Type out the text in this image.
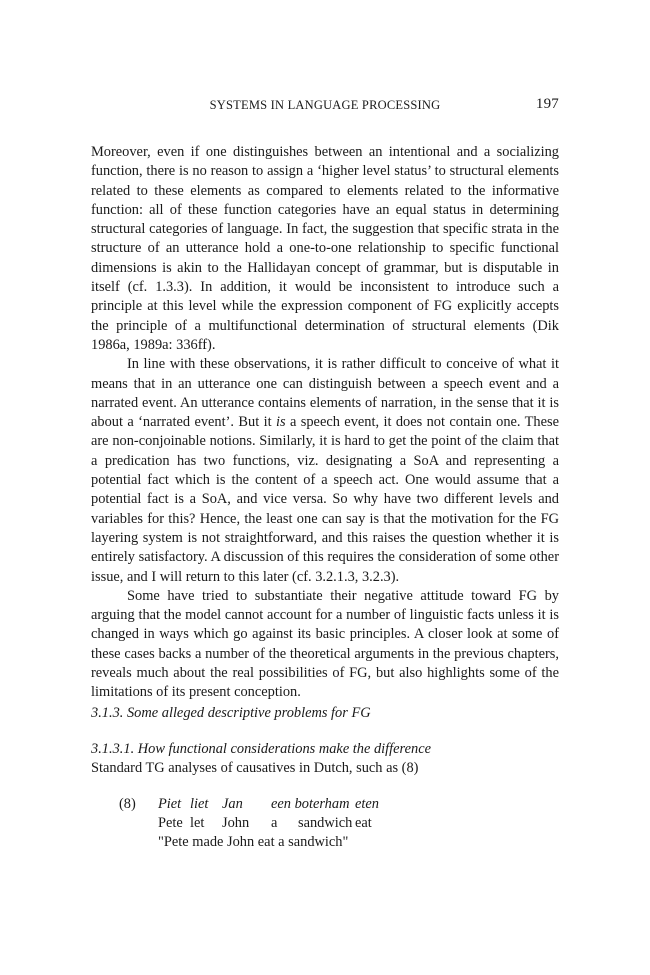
SYSTEMS IN LANGUAGE PROCESSING	197

Moreover, even if one distinguishes between an intentional and a socializing function, there is no reason to assign a ‘higher level status’ to structural elements related to these elements as compared to elements related to the informative function: all of these function categories have an equal status in determining structural categories of language. In fact, the suggestion that specific strata in the structure of an utterance hold a one-to-one relationship to specific functional dimensions is akin to the Hallidayan concept of grammar, but is disputable in itself (cf. 1.3.3). In addition, it would be inconsistent to introduce such a principle at this level while the expression component of FG explicitly accepts the principle of a multifunctional determination of structural elements (Dik 1986a, 1989a: 336ff).

In line with these observations, it is rather difficult to conceive of what it means that in an utterance one can distinguish between a speech event and a narrated event. An utterance contains elements of narration, in the sense that it is about a ‘narrated event’. But it is a speech event, it does not contain one. These are non-conjoinable notions. Similarly, it is hard to get the point of the claim that a predication has two functions, viz. designating a SoA and representing a potential fact which is the content of a speech act. One would assume that a potential fact is a SoA, and vice versa. So why have two different levels and variables for this? Hence, the least one can say is that the motivation for the FG layering system is not straightforward, and this raises the question whether it is entirely satisfactory. A discussion of this requires the consideration of some other issue, and I will return to this later (cf. 3.2.1.3, 3.2.3).

Some have tried to substantiate their negative attitude toward FG by arguing that the model cannot account for a number of linguistic facts unless it is changed in ways which go against its basic principles. A closer look at some of these cases backs a number of the theoretical arguments in the previous chapters, reveals much about the real possibilities of FG, but also highlights some of the limitations of its present conception.

3.1.3. Some alleged descriptive problems for FG
3.1.3.1. How functional considerations make the difference
Standard TG analyses of causatives in Dutch, such as (8)
(8) Piet liet Jan een boterham eten
Pete let John a sandwich eat
"Pete made John eat a sandwich"
